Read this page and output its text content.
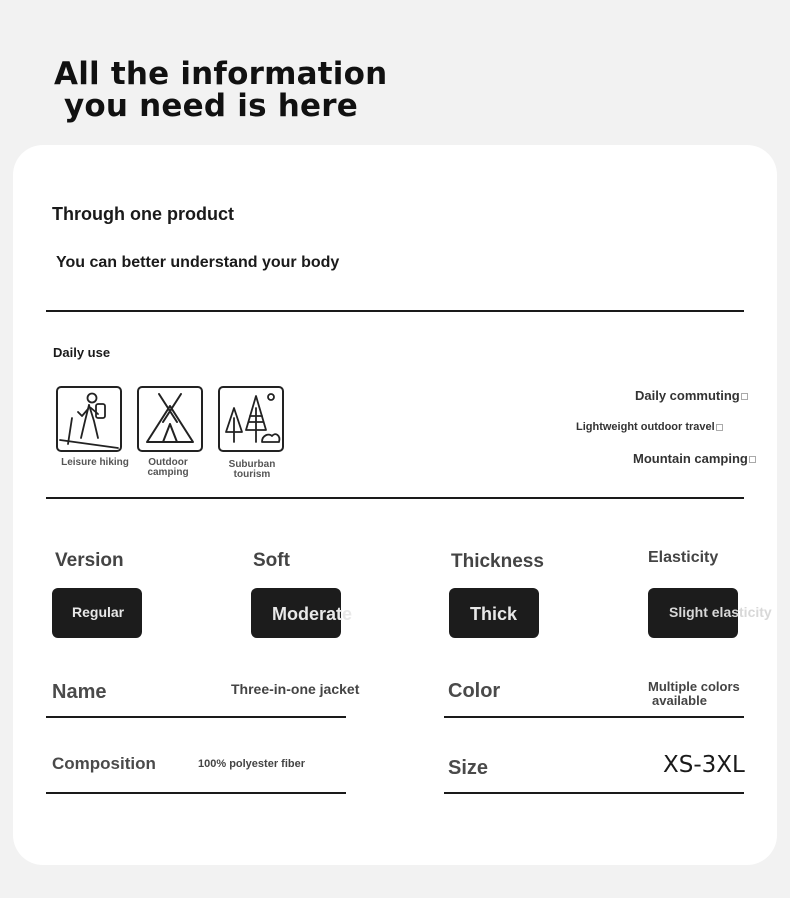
All the information
you need is here
Through one product
You can better understand your body
Daily use
Leisure hiking	Outdoor
camping
Suburban
tourism
Daily commuting
Lightweight outdoor travel
Mountain camping
Version	Soft	Thickness	Elasticity
Regular	Moderate	Thick	Slight elasticity
Name	Three-in-one jacket	Color	Multiple colors
available
Composition	100% polyester fiber	Size	XS-3XL
